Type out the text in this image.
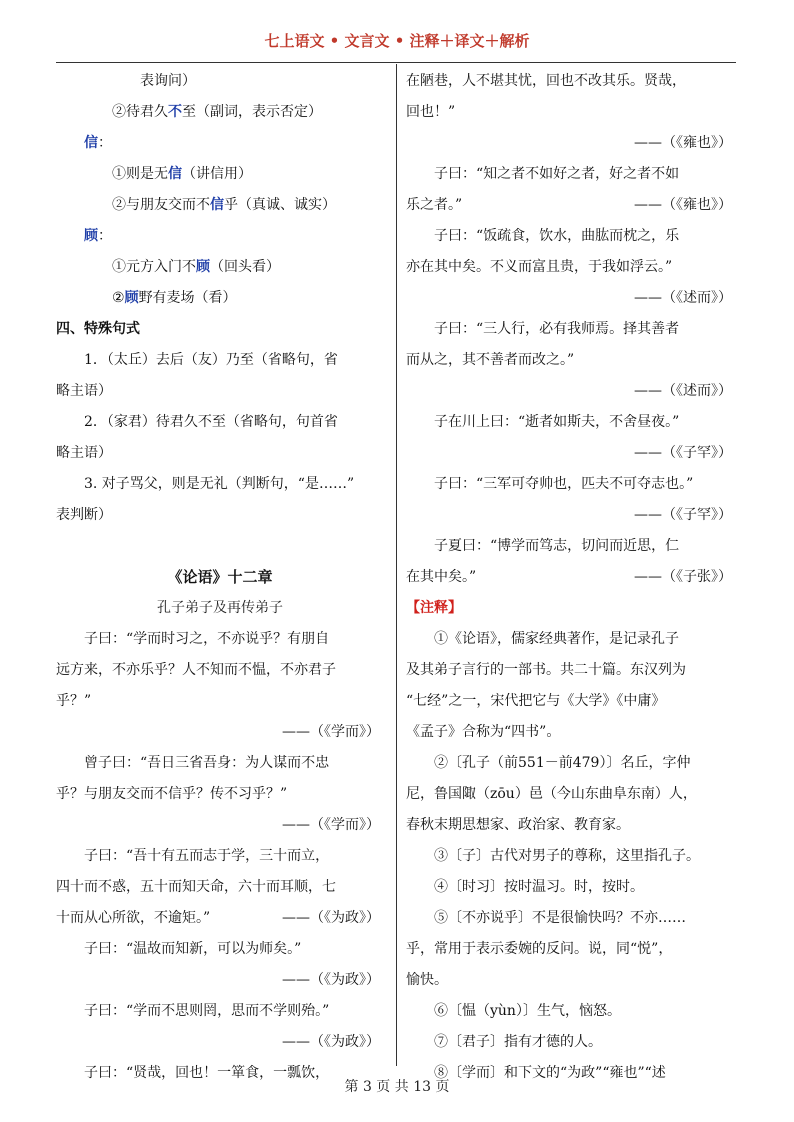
七上语文 • 文言文 • 注释＋译文＋解析
表询问）
②待君久不至（副词，表示否定）
信：
①则是无信（讲信用）
②与朋友交而不信乎（真诚、诚实）
顾：
①元方入门不顾（回头看）
②顾野有麦场（看）
四、特殊句式
1．（太丘）去后（友）乃至（省略句，省
略主语）
2．（家君）待君久不至（省略句，句首省
略主语）
3. 对子骂父，则是无礼（判断句，“是……”
表判断）
《论语》十二章
孔子弟子及再传弟子
子曰：“学而时习之，不亦说乎？有朋自
远方来，不亦乐乎？人不知而不愠，不亦君子
乎？”
——（《学而》）
曾子曰：“吾日三省吾身：为人谋而不忠
乎？与朋友交而不信乎？传不习乎？”
——（《学而》）
子曰：“吾十有五而志于学，三十而立，
四十而不惑，五十而知天命，六十而耳顺，七
十而从心所欲，不逾矩。”	——（《为政》）
子曰：“温故而知新，可以为师矣。”
——（《为政》）
子曰：“学而不思则罔，思而不学则殆。”
——（《为政》）
子曰：“贤哉，回也！一箪食，一瓢饮，
在陋巷，人不堪其忧，回也不改其乐。贤哉，
回也！”
——（《雍也》）
子曰：“知之者不如好之者，好之者不如
乐之者。”	——（《雍也》）
子曰：“饭疏食，饮水，曲肱而枕之，乐
亦在其中矣。不义而富且贵，于我如浮云。”
——（《述而》）
子曰：“三人行，必有我师焉。择其善者
而从之，其不善者而改之。”
——（《述而》）
子在川上曰：“逝者如斯夫，不舍昼夜。”
——（《子罕》）
子曰：“三军可夺帅也，匹夫不可夺志也。”
——（《子罕》）
子夏曰：“博学而笃志，切问而近思，仁
在其中矣。”	——（《子张》）
【注释】
①《论语》，儒家经典著作，是记录孔子
及其弟子言行的一部书。共二十篇。东汉列为
“七经”之一，宋代把它与《大学》《中庸》
《孟子》合称为“四书”。
②〔孔子（前551－前479）〕名丘，字仲
尼，鲁国陬（zōu）邑（今山东曲阜东南）人，
春秋末期思想家、政治家、教育家。
③〔子〕古代对男子的尊称，这里指孔子。
④〔时习〕按时温习。时，按时。
⑤〔不亦说乎〕不是很愉快吗？不亦……
乎，常用于表示委婉的反问。说，同“悦”，
愉快。
⑥〔愠（yùn）〕生气，恼怒。
⑦〔君子〕指有才德的人。
⑧〔学而〕和下文的“为政”“雍也”“述
第 3 页 共 13 页
